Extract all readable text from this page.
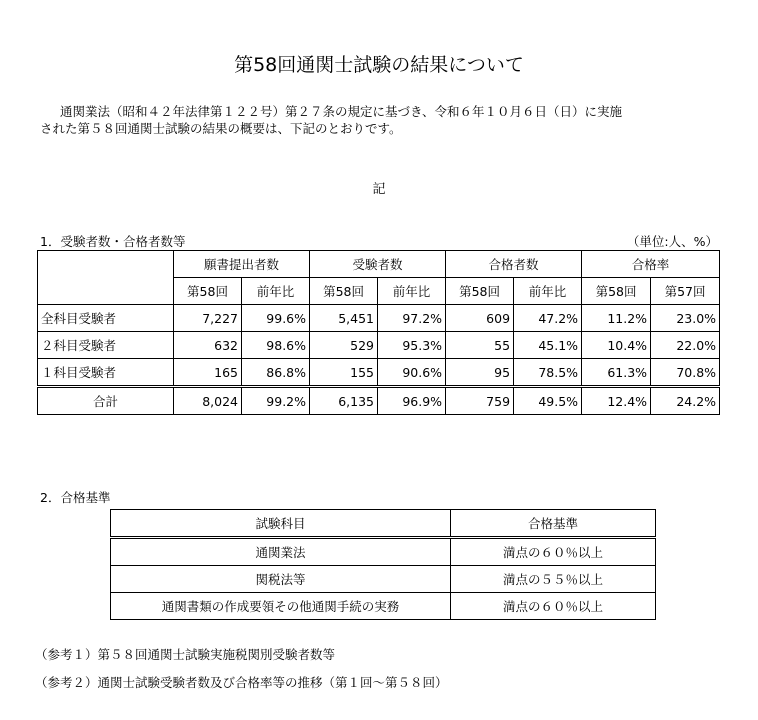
第58回通関士試験の結果について
通関業法（昭和４２年法律第１２２号）第２７条の規定に基づき、令和６年１０月６日（日）に実施
された第５８回通関士試験の結果の概要は、下記のとおりです。
記
1．受験者数・合格者数等	（単位:人、%）
	願書提出者数		受験者数		合格者数		合格率	
	第58回	前年比	第58回	前年比	第58回	前年比	第58回	第57回
全科目受験者	7,227	99.6%	5,451	97.2%	609	47.2%	11.2%	23.0%
２科目受験者	632	98.6%	529	95.3%	55	45.1%	10.4%	22.0%
１科目受験者	165	86.8%	155	90.6%	95	78.5%	61.3%	70.8%
合計	8,024	99.2%	6,135	96.9%	759	49.5%	12.4%	24.2%
2．合格基準
試験科目	合格基準
通関業法	満点の６０％以上
関税法等	満点の５５％以上
通関書類の作成要領その他通関手続の実務	満点の６０％以上
（参考１）第５８回通関士試験実施税関別受験者数等
（参考２）通関士試験受験者数及び合格率等の推移（第１回〜第５８回）
